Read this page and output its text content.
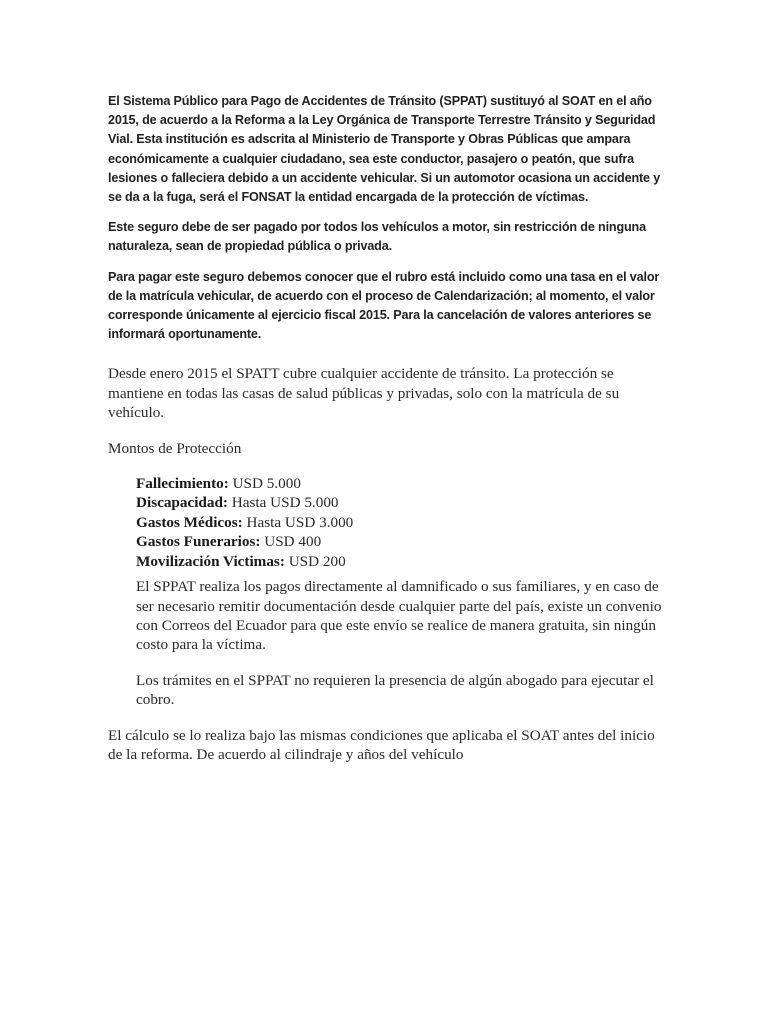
El Sistema Público para Pago de Accidentes de Tránsito (SPPAT) sustituyó al SOAT en el año 2015, de acuerdo a la Reforma a la Ley Orgánica de Transporte Terrestre Tránsito y Seguridad Vial. Esta institución es adscrita al Ministerio de Transporte y Obras Públicas que ampara económicamente a cualquier ciudadano, sea este conductor, pasajero o peatón, que sufra lesiones o falleciera debido a un accidente vehicular. Si un automotor ocasiona un accidente y se da a la fuga, será el FONSAT la entidad encargada de la protección de víctimas.

Este seguro debe de ser pagado por todos los vehículos a motor, sin restricción de ninguna naturaleza, sean de propiedad pública o privada.

Para pagar este seguro debemos conocer que el rubro está incluido como una tasa en el valor de la matrícula vehicular, de acuerdo con el proceso de Calendarización; al momento, el valor corresponde únicamente al ejercicio fiscal 2015. Para la cancelación de valores anteriores se informará oportunamente.

Desde enero 2015 el SPATT cubre cualquier accidente de tránsito. La protección se mantiene en todas las casas de salud públicas y privadas, solo con la matrícula de su vehículo.

Montos de Protección

Fallecimiento: USD 5.000

Discapacidad: Hasta USD 5.000

Gastos Médicos: Hasta USD 3.000

Gastos Funerarios: USD 400

Movilización Victimas: USD 200

El SPPAT realiza los pagos directamente al damnificado o sus familiares, y en caso de ser necesario remitir documentación desde cualquier parte del país, existe un convenio con Correos del Ecuador para que este envío se realice de manera gratuita, sin ningún costo para la víctima.

Los trámites en el SPPAT no requieren la presencia de algún abogado para ejecutar el cobro.

El cálculo se lo realiza bajo las mismas condiciones que aplicaba el SOAT antes del inicio de la reforma. De acuerdo al cilindraje y años del vehículo
